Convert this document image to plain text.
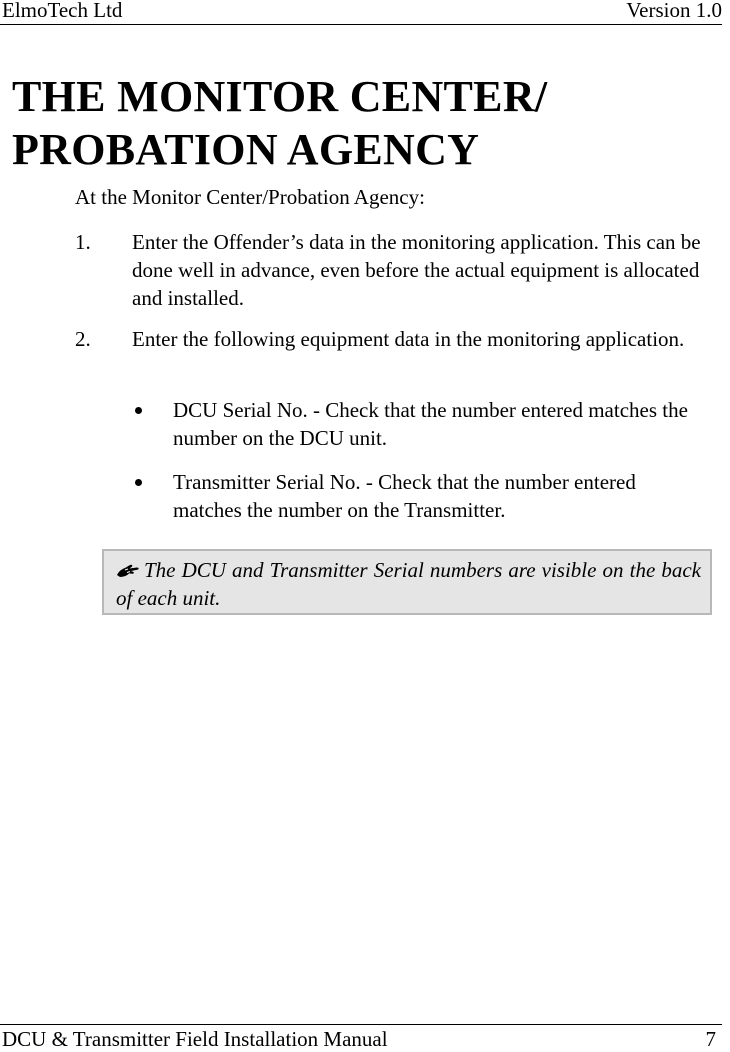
ElmoTech Ltd	Version 1.0
THE MONITOR CENTER/
PROBATION AGENCY
At the Monitor Center/Probation Agency:
1. Enter the Offender’s data in the monitoring application. This can be done well in advance, even before the actual equipment is allocated and installed.
2. Enter the following equipment data in the monitoring application.
DCU Serial No. - Check that the number entered matches the number on the DCU unit.
Transmitter Serial No. - Check that the number entered matches the number on the Transmitter.
The DCU and Transmitter Serial numbers are visible on the back of each unit.
DCU & Transmitter Field Installation Manual	7
